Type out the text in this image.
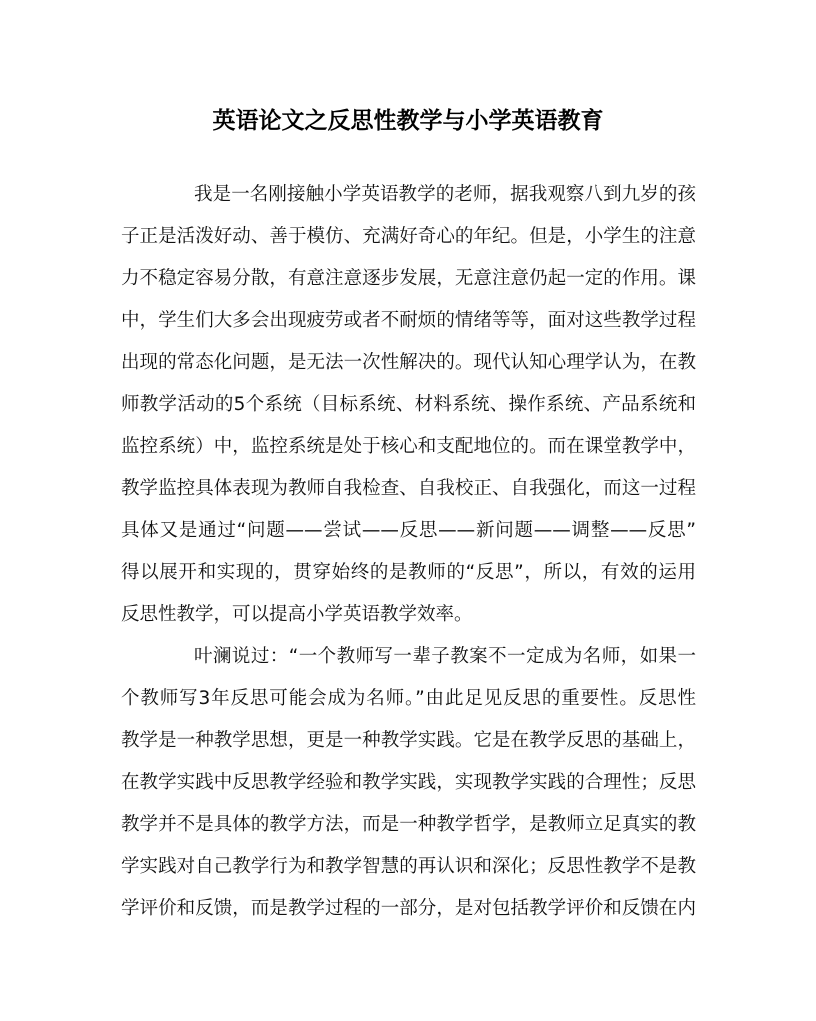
英语论文之反思性教学与小学英语教育
我是一名刚接触小学英语教学的老师，据我观察八到九岁的孩
子正是活泼好动、善于模仿、充满好奇心的年纪。但是，小学生的注意
力不稳定容易分散，有意注意逐步发展，无意注意仍起一定的作用。课
中，学生们大多会出现疲劳或者不耐烦的情绪等等，面对这些教学过程
出现的常态化问题，是无法一次性解决的。现代认知心理学认为，在教
师教学活动的5个系统（目标系统、材料系统、操作系统、产品系统和
监控系统）中，监控系统是处于核心和支配地位的。而在课堂教学中，
教学监控具体表现为教师自我检查、自我校正、自我强化，而这一过程
具体又是通过“问题——尝试——反思——新问题——调整——反思”
得以展开和实现的，贯穿始终的是教师的“反思”，所以，有效的运用
反思性教学，可以提高小学英语教学效率。
叶澜说过：“一个教师写一辈子教案不一定成为名师，如果一
个教师写3年反思可能会成为名师。”由此足见反思的重要性。反思性
教学是一种教学思想，更是一种教学实践。它是在教学反思的基础上，
在教学实践中反思教学经验和教学实践，实现教学实践的合理性；反思
教学并不是具体的教学方法，而是一种教学哲学，是教师立足真实的教
学实践对自己教学行为和教学智慧的再认识和深化；反思性教学不是教
学评价和反馈，而是教学过程的一部分，是对包括教学评价和反馈在内
